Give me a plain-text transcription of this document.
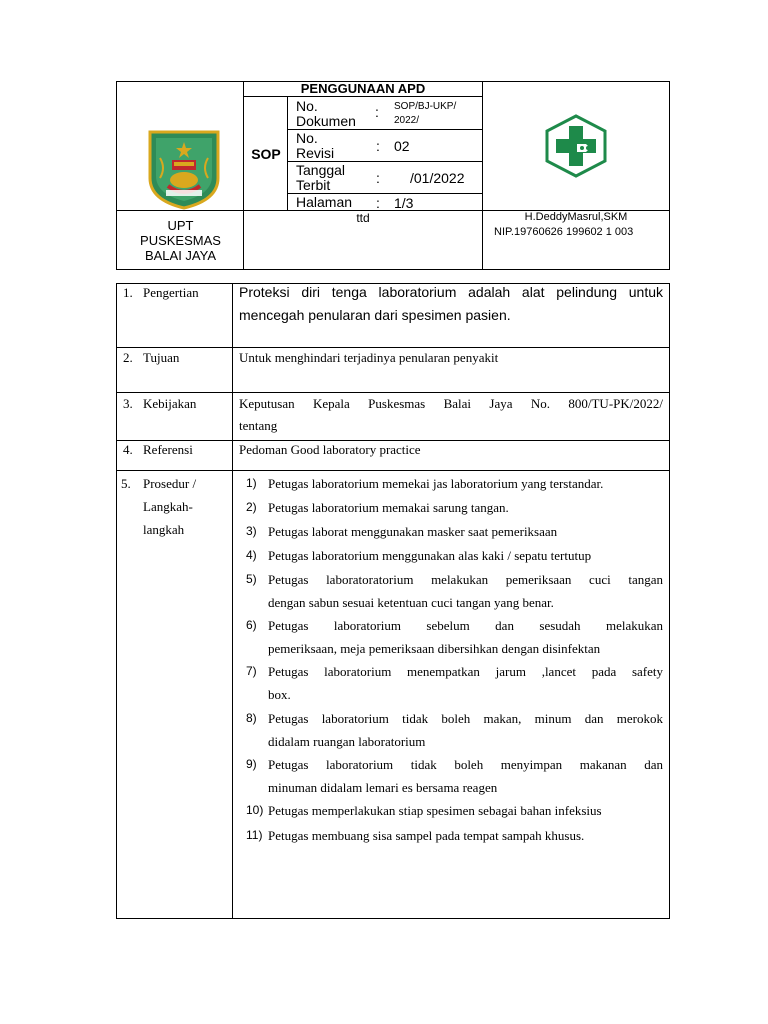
PENGGUNAAN APD
SOP
No.
Dokumen
: SOP/BJ-UKP/
2022/
No.
Revisi	: 02
Tanggal
Terbit	: /01/2022
Halaman : 1/3
UPT
PUSKESMAS
BALAI JAYA
ttd	H.DeddyMasrul,SKM
NIP.19760626 199602 1 003
1. Pengertian	Proteksi diri tenga laboratorium adalah alat pelindung untuk
mencegah penularan dari spesimen pasien.
2. Tujuan	Untuk menghindari terjadinya penularan penyakit
3. Kebijakan	Keputusan Kepala Puskesmas Balai Jaya No. 800/TU-PK/2022/
tentang
4. Referensi	Pedoman Good laboratory practice
5. Prosedur /
Langkah-
langkah
1) Petugas laboratorium memekai jas laboratorium yang terstandar.
2) Petugas laboratorium memakai sarung tangan.
3) Petugas laborat menggunakan masker saat pemeriksaan
4) Petugas laboratorium menggunakan alas kaki / sepatu tertutup
5) Petugas laboratoratorium melakukan pemeriksaan cuci tangan
dengan sabun sesuai ketentuan cuci tangan yang benar.
6) Petugas laboratorium sebelum dan sesudah melakukan
pemeriksaan, meja pemeriksaan dibersihkan dengan disinfektan
7) Petugas laboratorium menempatkan jarum ,lancet pada safety
box.
8) Petugas laboratorium tidak boleh makan, minum dan merokok
didalam ruangan laboratorium
9) Petugas laboratorium tidak boleh menyimpan makanan dan
minuman didalam lemari es bersama reagen
10) Petugas memperlakukan stiap spesimen sebagai bahan infeksius
11) Petugas membuang sisa sampel pada tempat sampah khusus.
